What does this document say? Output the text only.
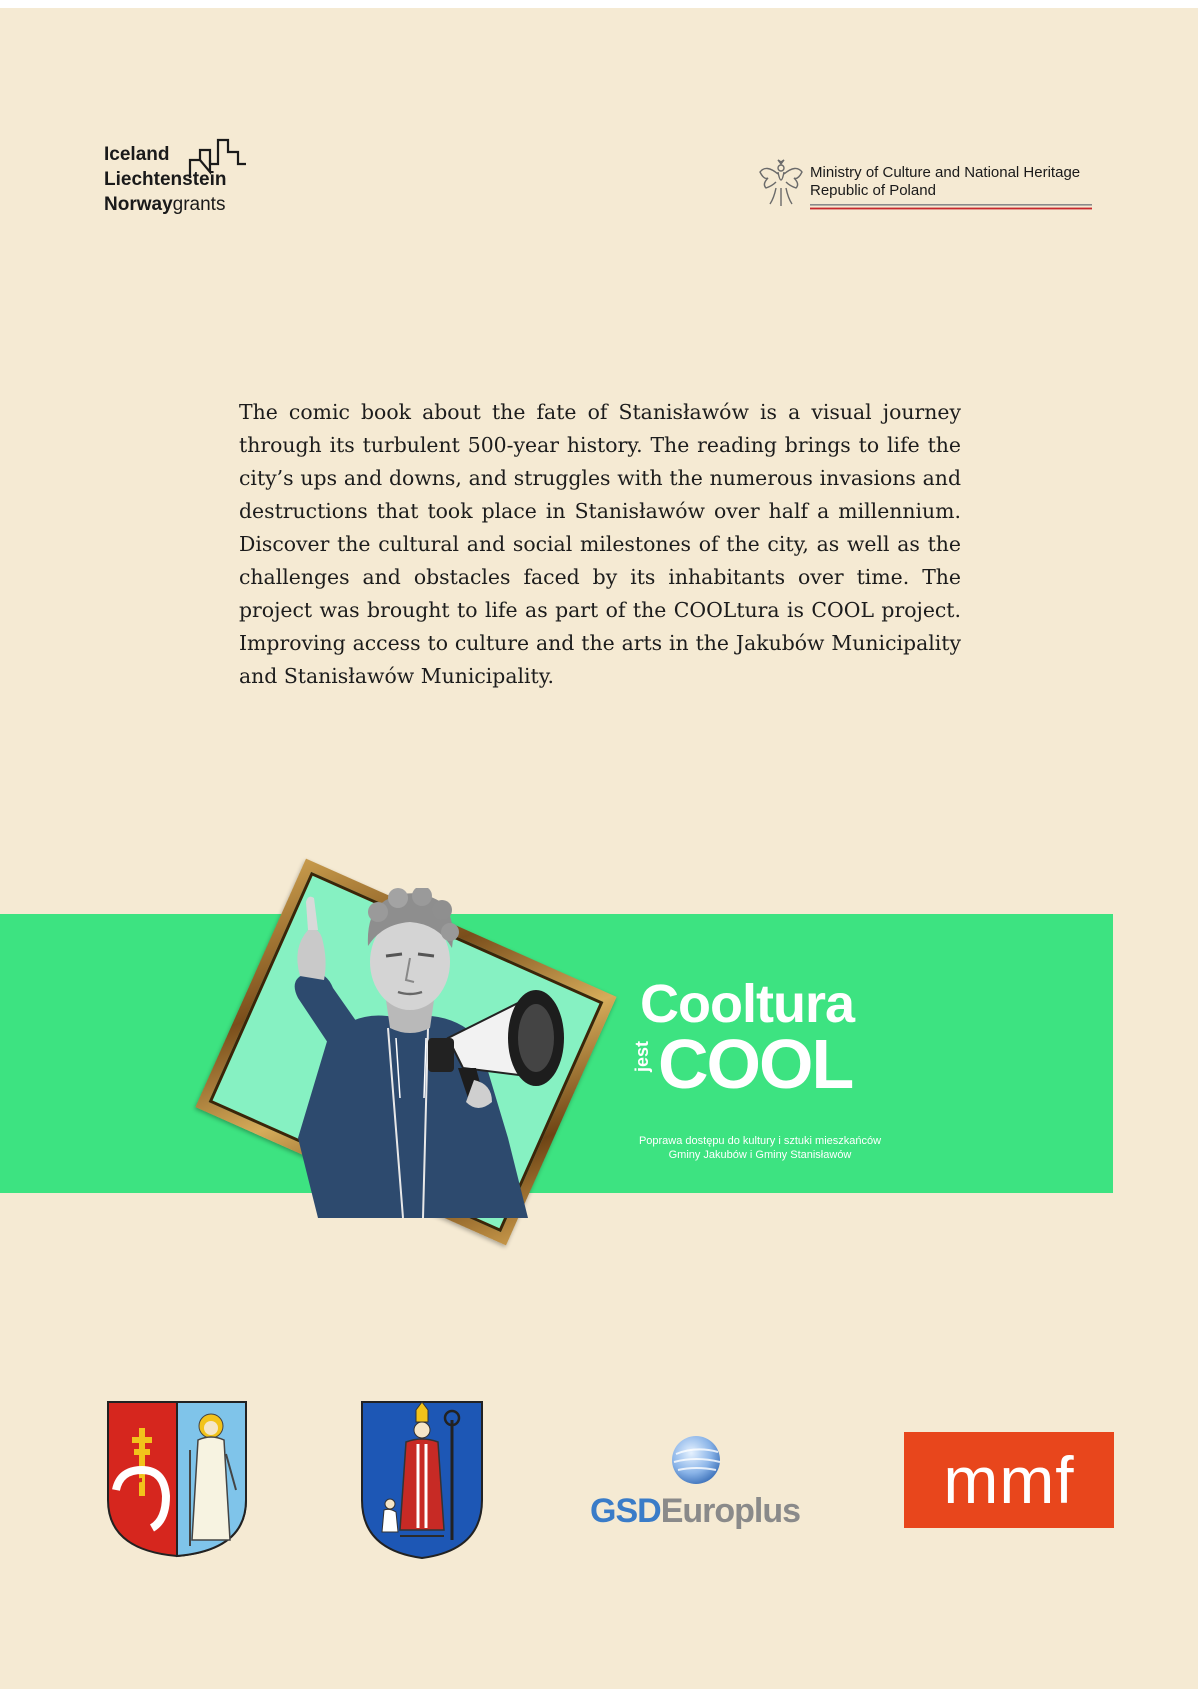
Iceland
Liechtenstein
Norwaygrants
Ministry of Culture and National Heritage
Republic of Poland

The comic book about the fate of Stanisławów is a visual journey through its turbulent 500-year history. The reading brings to life the city’s ups and downs, and struggles with the numerous invasions and destructions that took place in Stanisławów over half a millennium. Discover the cultural and social milestones of the city, as well as the challenges and obstacles faced by its inhabitants over time. The project was brought to life as part of the COOLtura is COOL project. Improving access to culture and the arts in the Jakubów Municipality and Stanisławów Municipality.

Cooltura
jest COOL
Poprawa dostępu do kultury i sztuki mieszkańców
Gminy Jakubów i Gminy Stanisławów
GSDEuroplus	mmf
